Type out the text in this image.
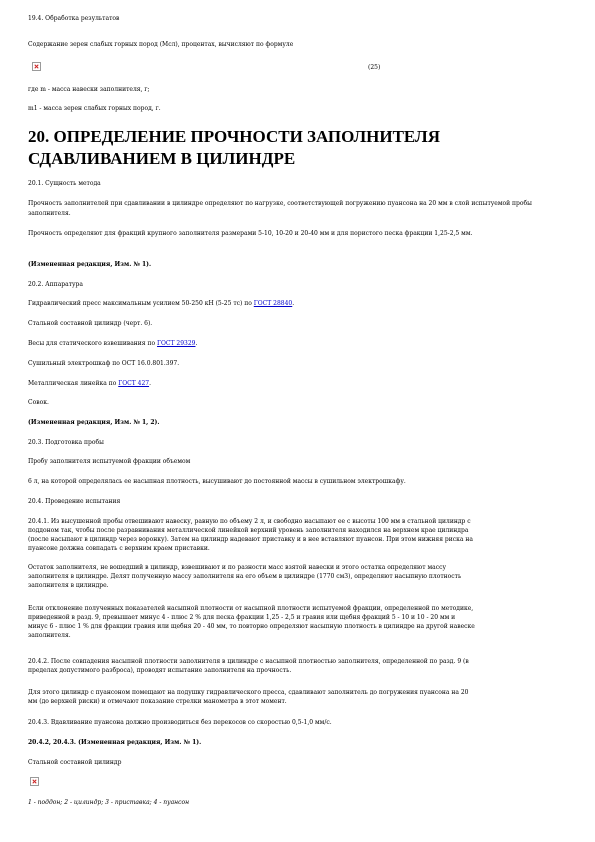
19.4. Обработка результатов

Содержание зерен слабых горных пород (Мсл), процентах, вычисляют по формуле

(25)

где m - масса навески заполнителя, г;

m1 - масса зерен слабых горных пород, г.

20. ОПРЕДЕЛЕНИЕ ПРОЧНОСТИ ЗАПОЛНИТЕЛЯ
СДАВЛИВАНИЕМ В ЦИЛИНДРЕ

20.1. Сущность метода

Прочность заполнителей при сдавливании в цилиндре определяют по нагрузке, соответствующей погружению пуансона на 20 мм в слой испытуемой пробы заполнителя.

Прочность определяют для фракций крупного заполнителя размерами 5-10, 10-20 и 20-40 мм и для пористого песка фракции 1,25-2,5 мм.

(Измененная редакция, Изм. № 1).

20.2. Аппаратура

Гидравлический пресс максимальным усилием 50-250 кН (5-25 тс) по ГОСТ 28840.

Стальной составной цилиндр (черт. 6).

Весы для статического взвешивания по ГОСТ 29329.

Сушильный электрошкаф по ОСТ 16.0.801.397.

Металлическая линейка по ГОСТ 427.

Совок.

(Измененная редакция, Изм. № 1, 2).

20.3. Подготовка пробы

Пробу заполнителя испытуемой фракции объемом

6 л, на которой определялась ее насыпная плотность, высушивают до постоянной массы в сушильном электрошкафу.

20.4. Проведение испытания

20.4.1. Из высушенной пробы отвешивают навеску, равную по объему 2 л, и свободно насыпают ее с высоты 100 мм в стальной цилиндр с

поддоном так, чтобы после разравнивания металлической линейкой верхний уровень заполнителя находился на верхнем крае цилиндра

(после насыпают в цилиндр через воронку). Затем на цилиндр надевают приставку и в нее вставляют пуансон. При этом нижняя риска на

пуансоне должна совпадать с верхним краем приставки.

Остаток заполнителя, не вошедший в цилиндр, взвешивают и по разности масс взятой навески и этого остатка определяют массу

заполнителя в цилиндре. Делят полученную массу заполнителя на его объем в цилиндре (1770 см3), определяют насыпную плотность

заполнителя в цилиндре.

Если отклонение полученных показателей насыпной плотности от насыпной плотности испытуемой фракции, определенной по методике,

приведенной в разд. 9, превышает минус 4 - плюс 2 % для песка фракции 1,25 - 2,5 и гравия или щебня фракций 5 - 10 и 10 - 20 мм и

минус 6 - плюс 1 % для фракции гравия или щебня 20 - 40 мм, то повторно определяют насыпную плотность в цилиндре на другой навеске

заполнителя.

20.4.2. После совпадения насыпной плотности заполнителя в цилиндре с насыпной плотностью заполнителя, определенной по разд. 9 (в

пределах допустимого разброса), проводят испытание заполнителя на прочность.

Для этого цилиндр с пуансоном помещают на подушку гидравлического пресса, сдавливают заполнитель до погружения пуансона на 20

мм (до верхней риски) и отмечают показание стрелки манометра в этот момент.

20.4.3. Вдавливание пуансона должно производиться без перекосов со скоростью 0,5-1,0 мм/с.

20.4.2, 20.4.3. (Измененная редакция, Изм. № 1).

Стальной составной цилиндр

1 - поддон; 2 - цилиндр; 3 - приставка; 4 - пуансон
